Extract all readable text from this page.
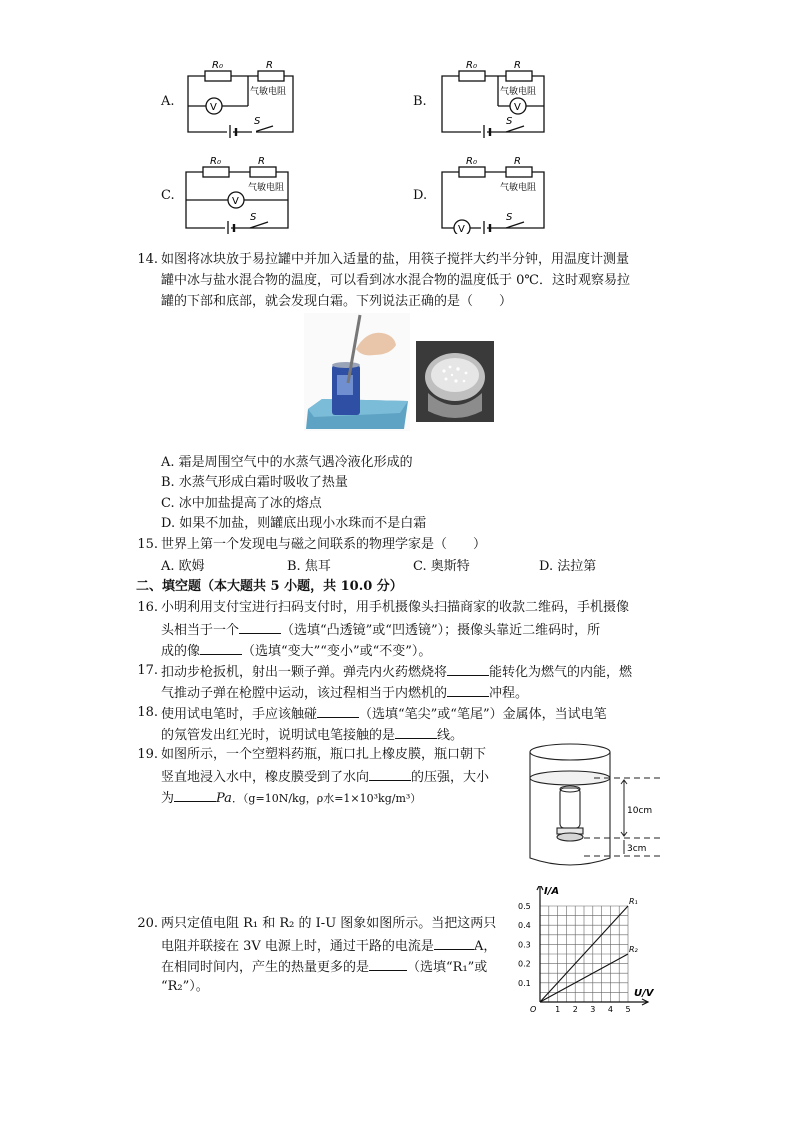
A.
R₀	R
气敏电阻
V
S
B.
R₀	R
气敏电阻
V
S
C.
R₀	R
气敏电阻
V
S
D.
R₀	R
气敏电阻
V
S
14. 如图将冰块放于易拉罐中并加入适量的盐，用筷子搅拌大约半分钟，用温度计测量
罐中冰与盐水混合物的温度，可以看到冰水混合物的温度低于 0℃．这时观察易拉
罐的下部和底部，就会发现白霜。下列说法正确的是（　　）
A. 霜是周围空气中的水蒸气遇冷液化形成的
B. 水蒸气形成白霜时吸收了热量
C. 冰中加盐提高了冰的熔点
D. 如果不加盐，则罐底出现小水珠而不是白霜
15. 世界上第一个发现电与磁之间联系的物理学家是（　　）
A. 欧姆	B. 焦耳	C. 奥斯特	D. 法拉第
二、填空题（本大题共 5 小题，共 10.0 分）
16. 小明利用支付宝进行扫码支付时，用手机摄像头扫描商家的收款二维码，手机摄像
头相当于一个	（选填“凸透镜”或“凹透镜”）；摄像头靠近二维码时，所
成的像	（选填“变大”“变小”或“不变”）。
17. 扣动步枪扳机，射出一颗子弹。弹壳内火药燃烧将	能转化为燃气的内能，燃
气推动子弹在枪膛中运动，该过程相当于内燃机的	冲程。
18. 使用试电笔时，手应该触碰	（选填“笔尖”或“笔尾”）金属体，当试电笔
的氖管发出红光时，说明试电笔接触的是	线。
19. 如图所示，一个空塑料药瓶，瓶口扎上橡皮膜，瓶口朝下
竖直地浸入水中，橡皮膜受到了水向	的压强，大小
为	Pa．（g=10N/kg，ρ水=1×10³kg/m³）
10cm
3cm
20. 两只定值电阻 R₁ 和 R₂ 的 I-U 图象如图所示。当把这两只
电阻并联接在 3V 电源上时，通过干路的电流是	A，
在相同时间内，产生的热量更多的是	（选填“R₁”或
“R₂”）。
R₁
R₂
1 2 3 4 5
0.1
0.2
0.3
0.4
0.5
O
U/V
I/A
